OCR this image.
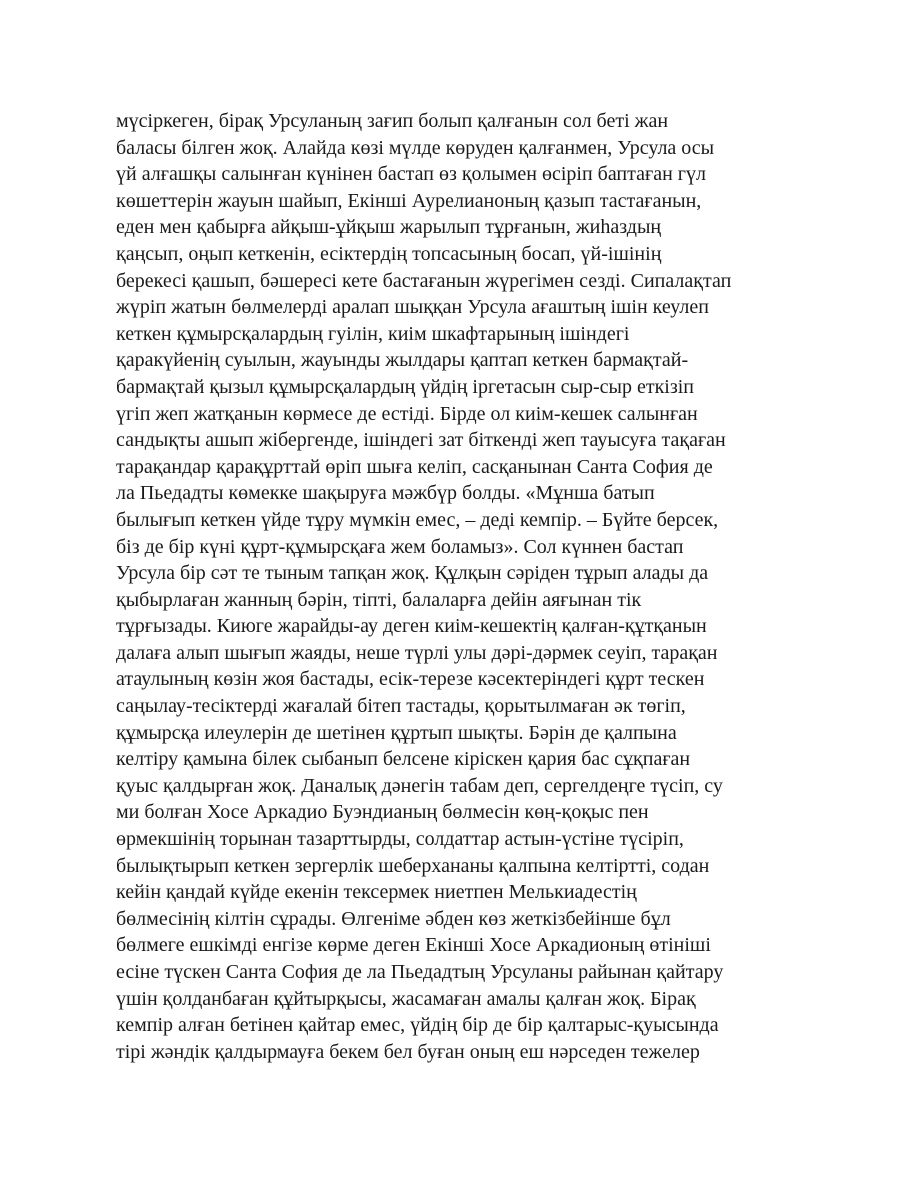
мүсіркеген, бірақ Урсуланың зағип болып қалғанын сол беті жан
баласы білген жоқ. Алайда көзі мүлде көруден қалғанмен, Урсула осы
үй алғашқы салынған күнінен бастап өз қолымен өсіріп баптаған гүл
көшеттерін жауын шайып, Екінші Аурелианоның қазып тастағанын,
еден мен қабырға айқыш-ұйқыш жарылып тұрғанын, жиһаздың
қаңсып, оңып кеткенін, есіктердің топсасының босап, үй-ішінің
берекесі қашып, бәшересі кете бастағанын жүрегімен сезді. Сипалақтап
жүріп жатын бөлмелерді аралап шыққан Урсула ағаштың ішін кеулеп
кеткен құмырсқалардың гуілін, киім шкафтарының ішіндегі
қаракүйенің суылын, жауынды жылдары қаптап кеткен бармақтай-
бармақтай қызыл құмырсқалардың үйдің іргетасын сыр-сыр еткізіп
үгіп жеп жатқанын көрмесе де естіді. Бірде ол киім-кешек салынған
сандықты ашып жібергенде, ішіндегі зат біткенді жеп тауысуға тақаған
тарақандар қарақұрттай өріп шыға келіп, сасқанынан Санта София де
ла Пьедадты көмекке шақыруға мәжбүр болды. «Мұнша батып
былығып кеткен үйде тұру мүмкін емес, – деді кемпір. – Бүйте берсек,
біз де бір күні құрт-құмырсқаға жем боламыз». Сол күннен бастап
Урсула бір сәт те тыным тапқан жоқ. Құлқын сәріден тұрып алады да
қыбырлаған жанның бәрін, тіпті, балаларға дейін аяғынан тік
тұрғызады. Киюге жарайды-ау деген киім-кешектің қалған-құтқанын
далаға алып шығып жаяды, неше түрлі улы дәрі-дәрмек сеуіп, тарақан
атаулының көзін жоя бастады, есік-терезе кәсектеріндегі құрт тескен
саңылау-тесіктерді жағалай бітеп тастады, қорытылмаған әк төгіп,
құмырсқа илеулерін де шетінен құртып шықты. Бәрін де қалпына
келтіру қамына білек сыбанып белсене кіріскен қария бас сұқпаған
қуыс қалдырған жоқ. Даналық дәнегін табам деп, сергелдеңге түсіп, су
ми болған Хосе Аркадио Буэндианың бөлмесін көң-қоқыс пен
өрмекшінің торынан тазарттырды, солдаттар астын-үстіне түсіріп,
былықтырып кеткен зергерлік шеберхананы қалпына келтіртті, содан
кейін қандай күйде екенін тексермек ниетпен Мелькиадестің
бөлмесінің кілтін сұрады. Өлгеніме әбден көз жеткізбейінше бұл
бөлмеге ешкімді енгізе көрме деген Екінші Хосе Аркадионың өтініші
есіне түскен Санта София де ла Пьедадтың Урсуланы райынан қайтару
үшін қолданбаған құйтырқысы, жасамаған амалы қалған жоқ. Бірақ
кемпір алған бетінен қайтар емес, үйдің бір де бір қалтарыс-қуысында
тірі жәндік қалдырмауға бекем бел буған оның еш нәрседен тежелер
